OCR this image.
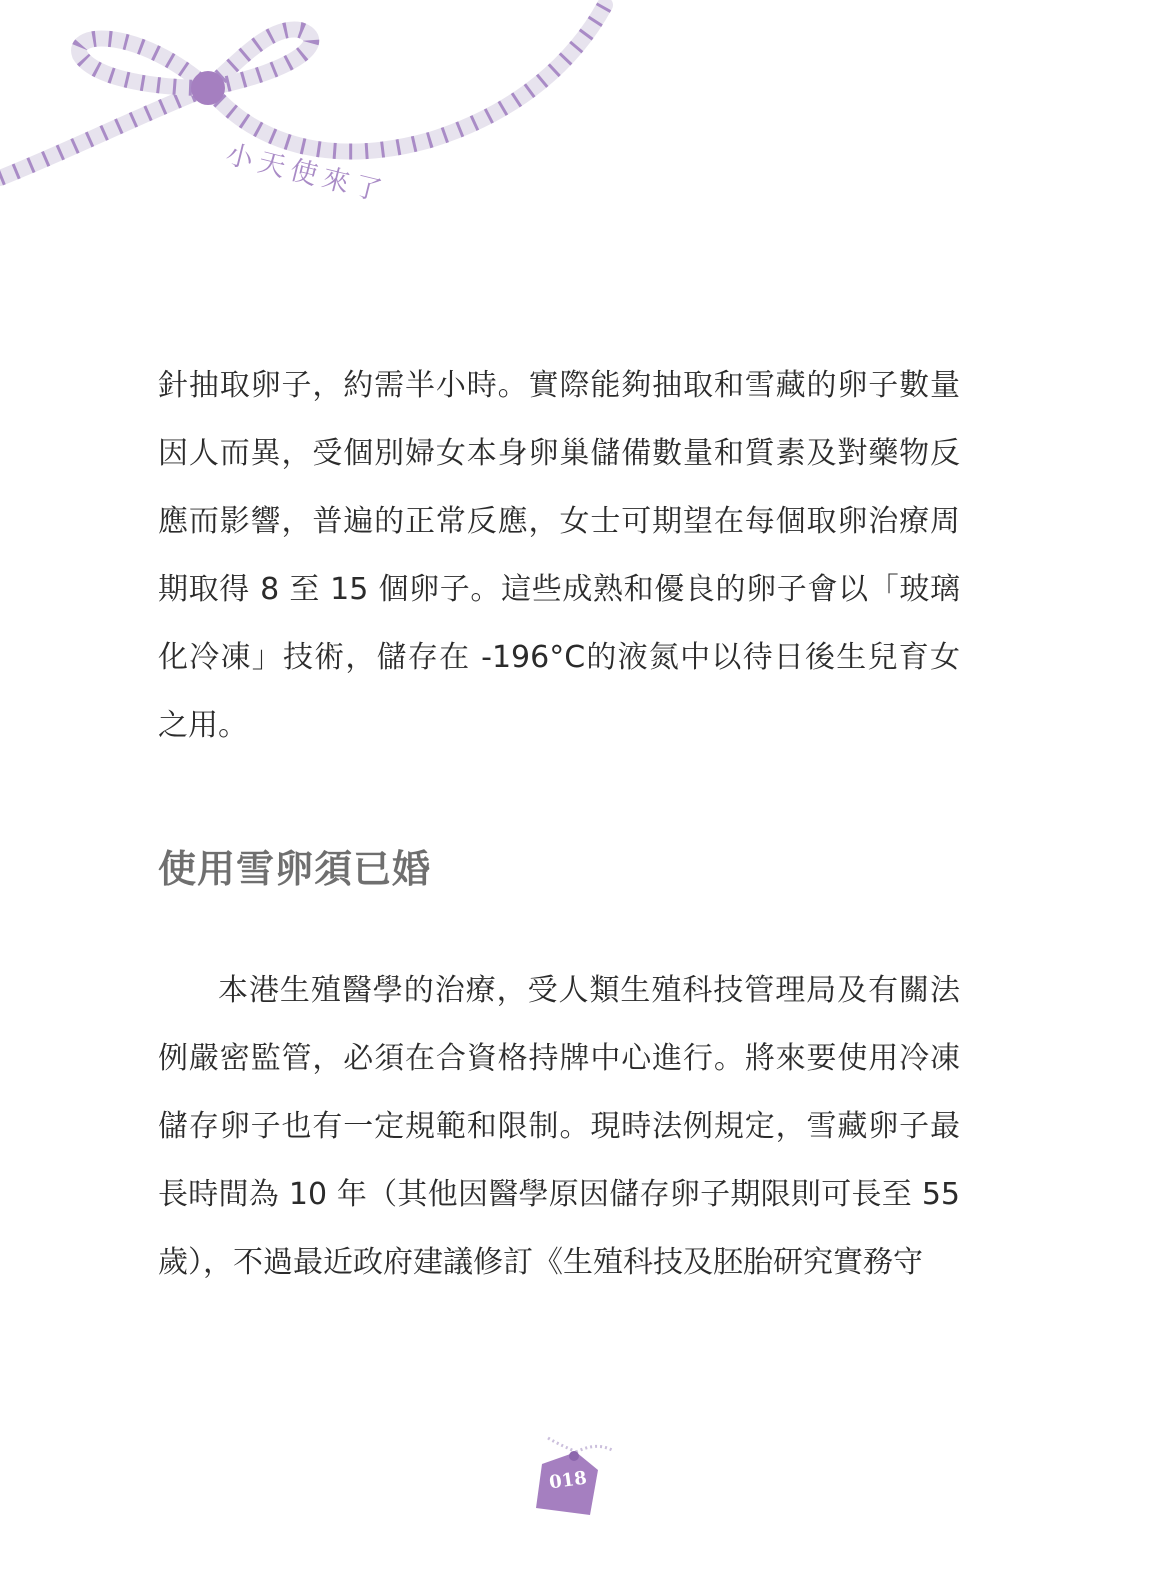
小天使來了

針抽取卵子，約需半小時。實際能夠抽取和雪藏的卵子數量因人而異，受個別婦女本身卵巢儲備數量和質素及對藥物反應而影響，普遍的正常反應，女士可期望在每個取卵治療周期取得 8 至 15 個卵子。這些成熟和優良的卵子會以「玻璃化冷凍」技術，儲存在 -196°C的液氮中以待日後生兒育女之用。

使用雪卵須已婚

本港生殖醫學的治療，受人類生殖科技管理局及有關法例嚴密監管，必須在合資格持牌中心進行。將來要使用冷凍儲存卵子也有一定規範和限制。現時法例規定，雪藏卵子最長時間為 10 年（其他因醫學原因儲存卵子期限則可長至 55 歲），不過最近政府建議修訂《生殖科技及胚胎研究實務守

018
